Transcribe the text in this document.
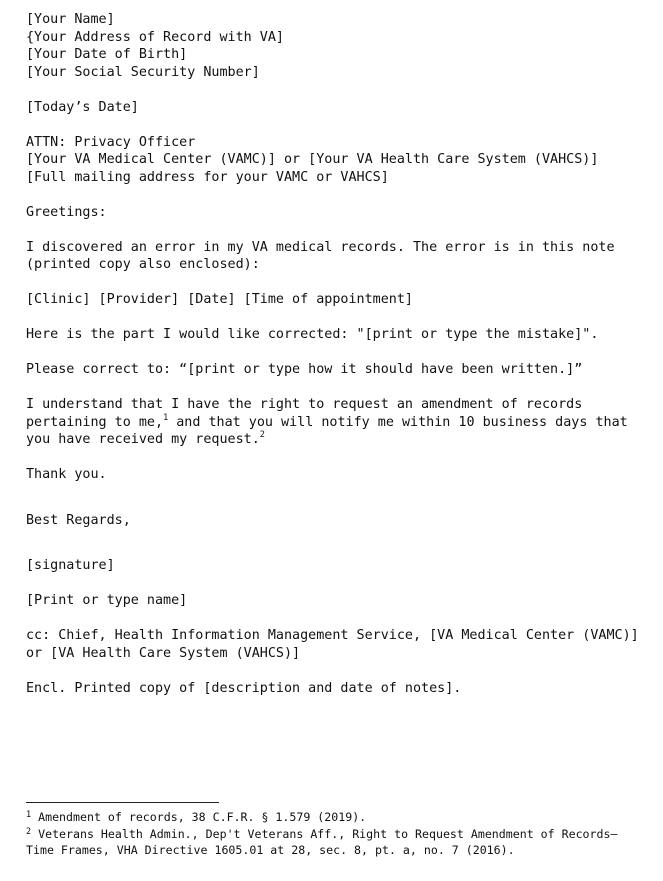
[Your Name]
{Your Address of Record with VA]
[Your Date of Birth]
[Your Social Security Number]
[Today’s Date]
ATTN: Privacy Officer
[Your VA Medical Center (VAMC)] or [Your VA Health Care System (VAHCS)]
[Full mailing address for your VAMC or VAHCS]
Greetings:
I discovered an error in my VA medical records. The error is in this note
(printed copy also enclosed):
[Clinic] [Provider] [Date] [Time of appointment]
Here is the part I would like corrected: "[print or type the mistake]".
Please correct to: “[print or type how it should have been written.]”
I understand that I have the right to request an amendment of records
pertaining to me,$^1$ and that you will notify me within 10 business days that
you have received my request.$^2$
Thank you.
Best Regards,
[signature]
[Print or type name]
cc: Chief, Health Information Management Service, [VA Medical Center (VAMC)]
or [VA Health Care System (VAHCS)]
Encl. Printed copy of [description and date of notes].
$^1$ Amendment of records, 38 C.F.R. § 1.579 (2019).
$^2$ Veterans Health Admin., Dep't Veterans Aff., Right to Request Amendment of Records–
Time Frames, VHA Directive 1605.01 at 28, sec. 8, pt. a, no. 7 (2016).
